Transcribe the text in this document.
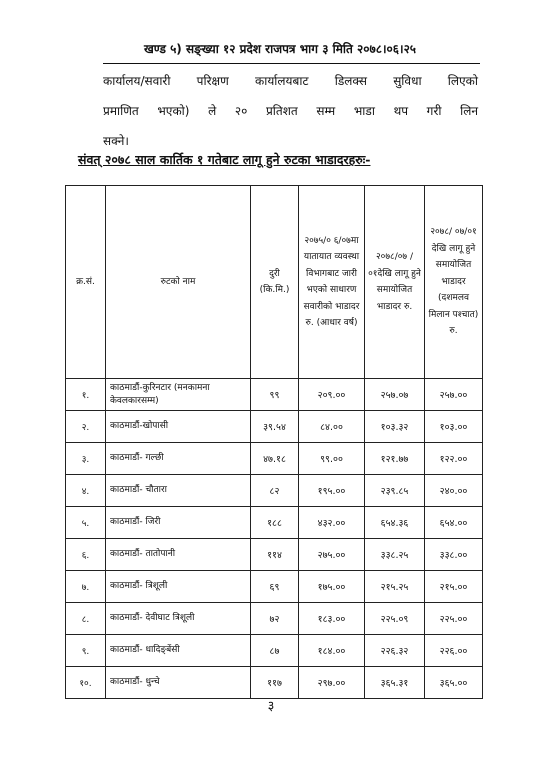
खण्ड ५) सङ्ख्या १२ प्रदेश राजपत्र भाग ३ मिति २०७८।०६।२५
कार्यालय/सवारी परिक्षण कार्यालयबाट डिलक्स सुविधा लिएको
प्रमाणित भएको) ले २० प्रतिशत सम्म भाडा थप गरी लिन
सक्ने।
संवत् २०७८ साल कार्तिक १ गतेबाट लागू हुने रुटका भाडादरहरुः-
क्र.सं.	रुटको नाम	दुरी (कि.मि.)	२०७५/० ६/०७मा यातायात व्यवस्था विभागबाट जारी भएको साधारण सवारीको भाडादर रु. (आधार वर्ष)	२०७८/०७ /०१देखि लागू हुने समायोजित भाडादर रु.	२०७८/ ०७/०१ देखि लागू हुने समायोजित भाडादर (दशमलव मिलान पश्चात) रु.
१.	काठमाडौं-कुरिनटार (मनकामना केवलकारसम्म)	९९	२०९.००	२५७.०७	२५७.००
२.	काठमाडौं-खोपासी	३९.५४	८४.००	१०३.३२	१०३.००
३.	काठमाडौं- गल्छी	४७.१८	९९.००	१२१.७७	१२२.००
४.	काठमाडौं- चौतारा	८२	१९५.००	२३९.८५	२४०.००
५.	काठमाडौं- जिरी	१८८	४३२.००	६५४.३६	६५४.००
६.	काठमाडौं- तातोपानी	११४	२७५.००	३३८.२५	३३८.००
७.	काठमाडौं- त्रिशूली	६९	१७५.००	२१५.२५	२१५.००
८.	काठमाडौं- देवीघाट त्रिशूली	७२	१८३.००	२२५.०९	२२५.००
९.	काठमाडौं- धादिङ्बेंसी	८७	१८४.००	२२६.३२	२२६.००
१०.	काठमाडौं- धुन्चे	११७	२९७.००	३६५.३१	३६५.००
३
